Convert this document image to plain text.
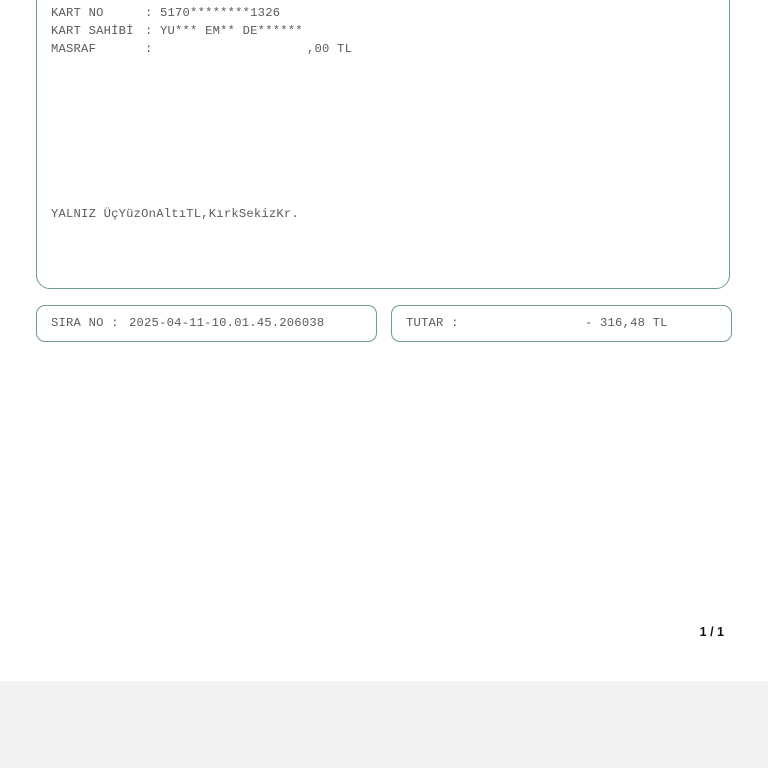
KART NO	: 5170********1326
KART SAHİBİ : YU*** EM** DE******
MASRAF	:	,00 TL
YALNIZ ÜçYüzOnAltıTL,KırkSekizKr.
SIRA NO : 2025-04-11-10.01.45.206038	TUTAR :	- 316,48 TL
1 / 1
